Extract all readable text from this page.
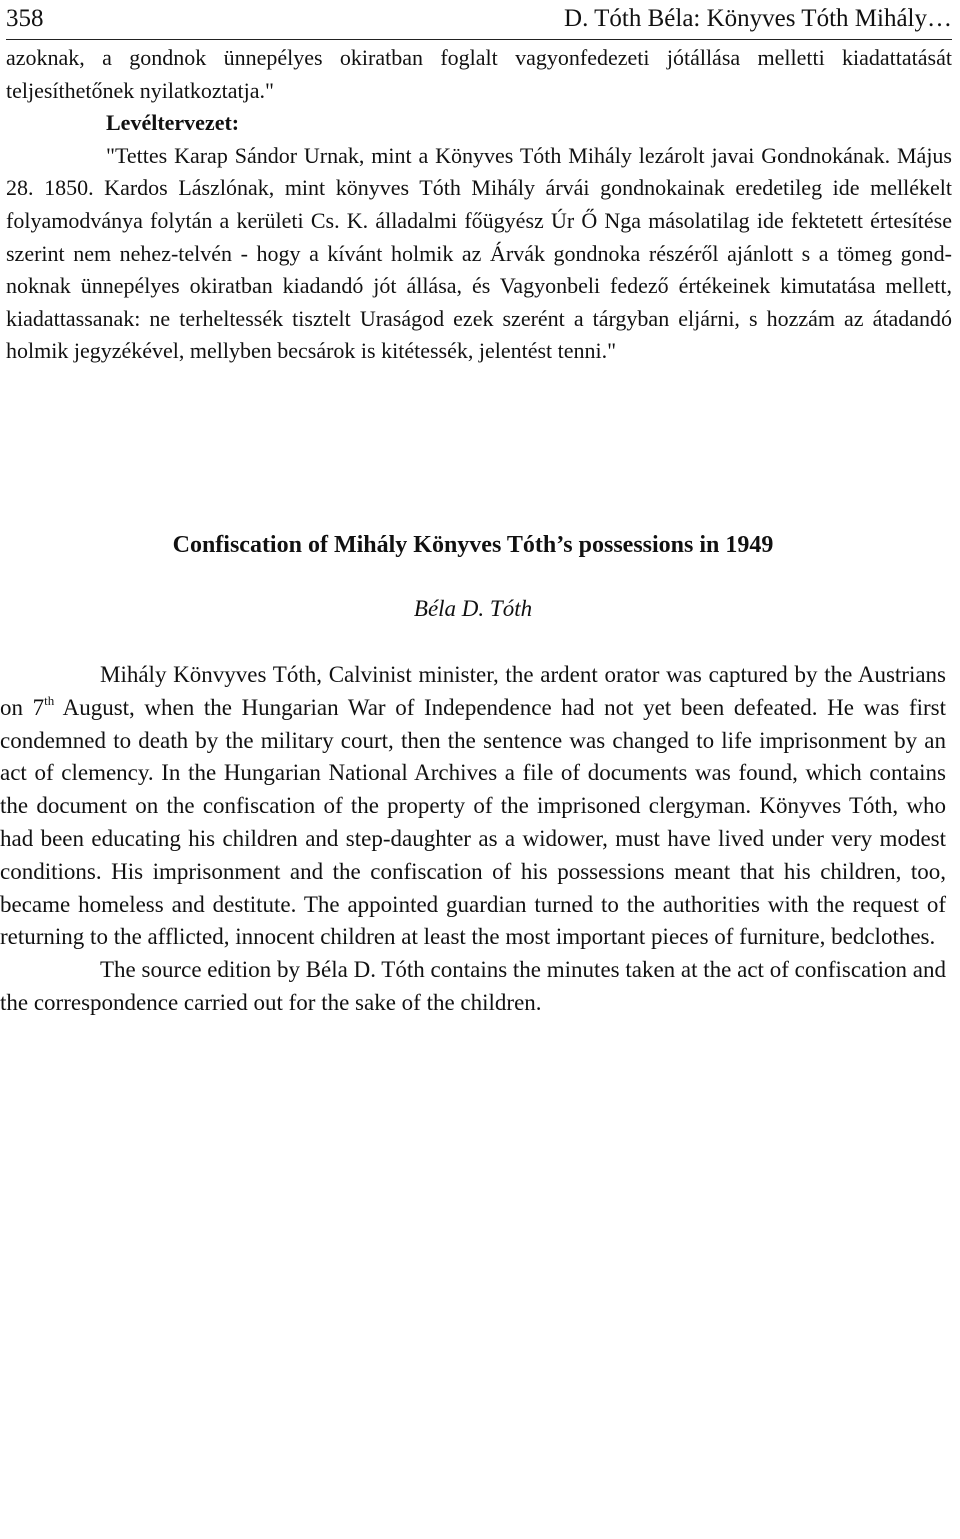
358	D. Tóth Béla: Könyves Tóth Mihály…

azoknak, a gondnok ünnepélyes okiratban foglalt vagyonfedezeti jótállása melletti kiadattatását teljesíthetőnek nyilatkoztatja."

Levéltervezet:

"Tettes Karap Sándor Urnak, mint a Könyves Tóth Mihály lezárolt javai Gondnokának. Május 28. 1850. Kardos Lászlónak, mint könyves Tóth Mihály árvái gondnokainak eredetileg ide mellékelt folyamodványa folytán a kerületi Cs. K. álladalmi főügyész Úr Ő Nga másolatilag ide fektetett értesítése szerint nem nehez-telvén - hogy a kívánt holmik az Árvák gondnoka részéről ajánlott s a tömeg gond-noknak ünnepélyes okiratban kiadandó jót állása, és Vagyonbeli fedező értékeinek kimutatása mellett, kiadattassanak: ne terheltessék tisztelt Uraságod ezek szerént a tárgyban eljárni, s hozzám az átadandó holmik jegyzékével, mellyben becsárok is kitétessék, jelentést tenni."

Confiscation of Mihály Könyves Tóth’s possessions in 1949
Béla D. Tóth

Mihály Könvyves Tóth, Calvinist minister, the ardent orator was captured by the Austrians on 7th August, when the Hungarian War of Independence had not yet been defeated. He was first condemned to death by the military court, then the sentence was changed to life imprisonment by an act of clemency. In the Hungarian National Archives a file of documents was found, which contains the document on the confiscation of the property of the imprisoned clergyman. Könyves Tóth, who had been educating his children and step-daughter as a widower, must have lived under very modest conditions. His imprisonment and the confiscation of his possessions meant that his children, too, became homeless and destitute. The appointed guardian turned to the authorities with the request of returning to the afflicted, innocent children at least the most important pieces of furniture, bedclothes.

The source edition by Béla D. Tóth contains the minutes taken at the act of confiscation and the correspondence carried out for the sake of the children.
